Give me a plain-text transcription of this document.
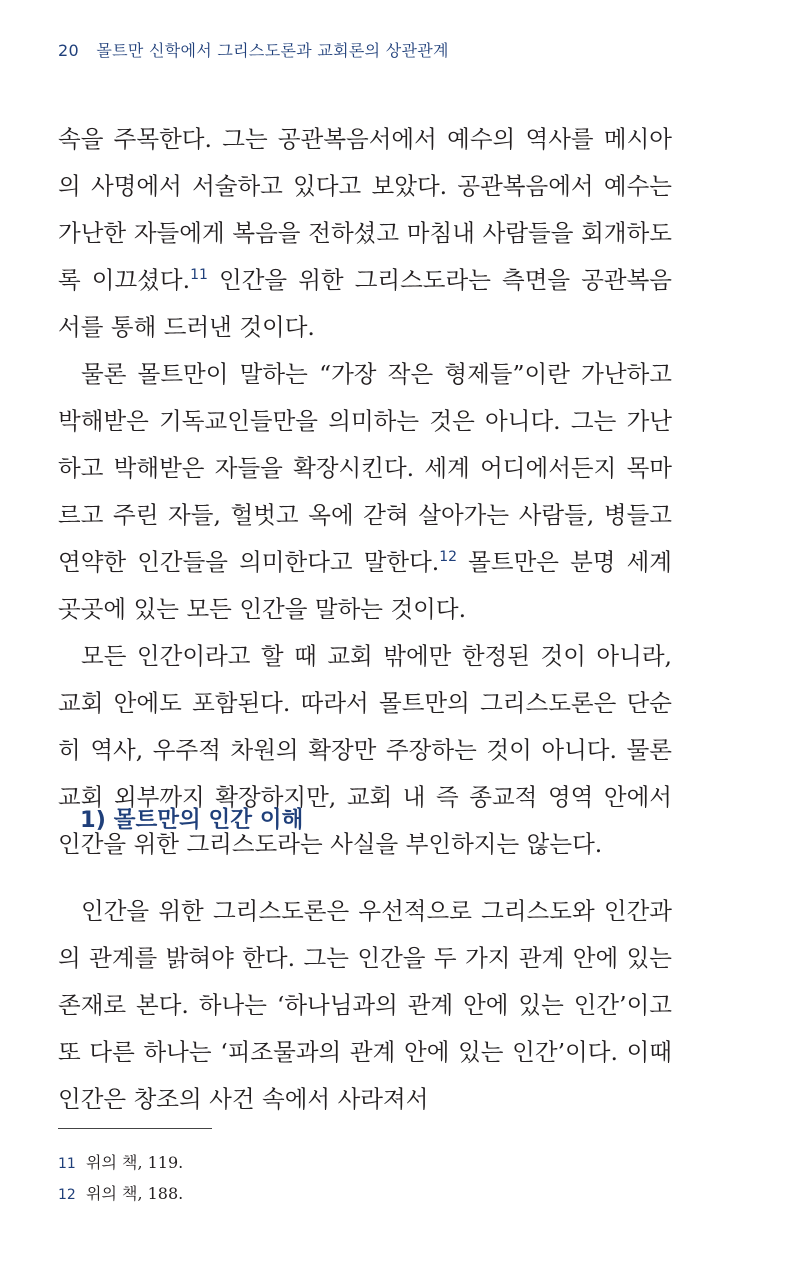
20 몰트만 신학에서 그리스도론과 교회론의 상관관계

속을 주목한다. 그는 공관복음서에서 예수의 역사를 메시아의 사명에서 서술하고 있다고 보았다. 공관복음에서 예수는 가난한 자들에게 복음을 전하셨고 마침내 사람들을 회개하도록 이끄셨다.$^{11}$ 인간을 위한 그리스도라는 측면을 공관복음서를 통해 드러낸 것이다.

물론 몰트만이 말하는 “가장 작은 형제들”이란 가난하고 박해받은 기독교인들만을 의미하는 것은 아니다. 그는 가난하고 박해받은 자들을 확장시킨다. 세계 어디에서든지 목마르고 주린 자들, 헐벗고 옥에 갇혀 살아가는 사람들, 병들고 연약한 인간들을 의미한다고 말한다.$^{12}$ 몰트만은 분명 세계 곳곳에 있는 모든 인간을 말하는 것이다.

모든 인간이라고 할 때 교회 밖에만 한정된 것이 아니라, 교회 안에도 포함된다. 따라서 몰트만의 그리스도론은 단순히 역사, 우주적 차원의 확장만 주장하는 것이 아니다. 물론 교회 외부까지 확장하지만, 교회 내 즉 종교적 영역 안에서 인간을 위한 그리스도라는 사실을 부인하지는 않는다.

1) 몰트만의 인간 이해

인간을 위한 그리스도론은 우선적으로 그리스도와 인간과의 관계를 밝혀야 한다. 그는 인간을 두 가지 관계 안에 있는 존재로 본다. 하나는 ‘하나님과의 관계 안에 있는 인간’이고 또 다른 하나는 ‘피조물과의 관계 안에 있는 인간’이다. 이때 인간은 창조의 사건 속에서 사라져서

11 위의 책, 119.
12 위의 책, 188.
